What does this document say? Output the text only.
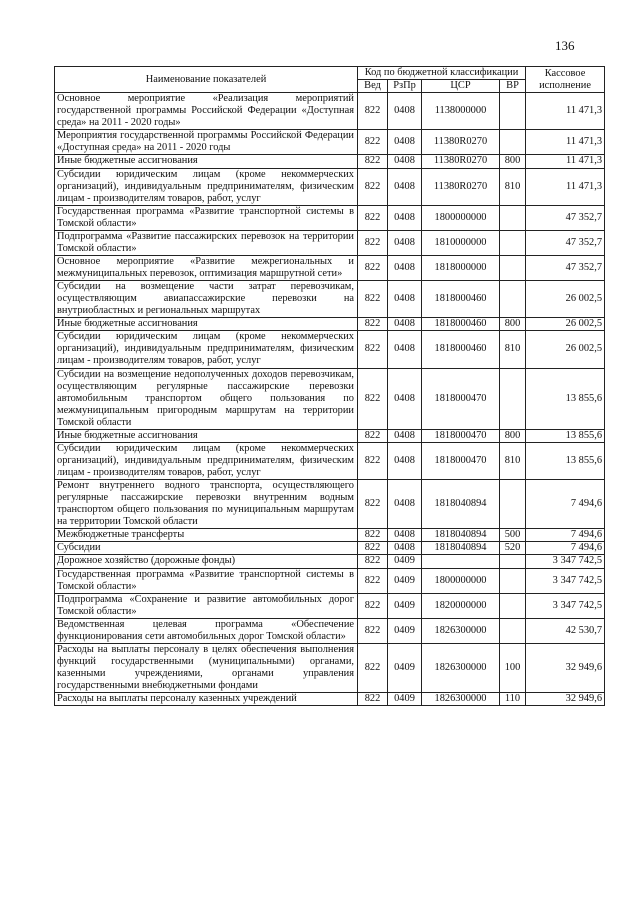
136
Наименование показателей	Код по бюджетной классификации				Кассовое исполнение
	Вед	РзПр	ЦСР	ВР	
Основное мероприятие «Реализация мероприятий государственной программы Российской Федерации «Доступная среда» на 2011 - 2020 годы»	822	0408	1138000000		11 471,3
Мероприятия государственной программы Российской Федерации «Доступная среда» на 2011 - 2020 годы	822	0408	11380R0270		11 471,3
Иные бюджетные ассигнования	822	0408	11380R0270	800	11 471,3
Субсидии юридическим лицам (кроме некоммерческих организаций), индивидуальным предпринимателям, физическим лицам - производителям товаров, работ, услуг	822	0408	11380R0270	810	11 471,3
Государственная программа «Развитие транспортной системы в Томской области»	822	0408	1800000000		47 352,7
Подпрограмма «Развитие пассажирских перевозок на территории Томской области»	822	0408	1810000000		47 352,7
Основное мероприятие «Развитие межрегиональных и межмуниципальных перевозок, оптимизация маршрутной сети»	822	0408	1818000000		47 352,7
Субсидии на возмещение части затрат перевозчикам, осуществляющим авиапассажирские перевозки на внутриобластных и региональных маршрутах	822	0408	1818000460		26 002,5
Иные бюджетные ассигнования	822	0408	1818000460	800	26 002,5
Субсидии юридическим лицам (кроме некоммерческих организаций), индивидуальным предпринимателям, физическим лицам - производителям товаров, работ, услуг	822	0408	1818000460	810	26 002,5
Субсидии на возмещение недополученных доходов перевозчикам, осуществляющим регулярные пассажирские перевозки автомобильным транспортом общего пользования по межмуниципальным пригородным маршрутам на территории Томской области	822	0408	1818000470		13 855,6
Иные бюджетные ассигнования	822	0408	1818000470	800	13 855,6
Субсидии юридическим лицам (кроме некоммерческих организаций), индивидуальным предпринимателям, физическим лицам - производителям товаров, работ, услуг	822	0408	1818000470	810	13 855,6
Ремонт внутреннего водного транспорта, осуществляющего регулярные пассажирские перевозки внутренним водным транспортом общего пользования по муниципальным маршрутам на территории Томской области	822	0408	1818040894		7 494,6
Межбюджетные трансферты	822	0408	1818040894	500	7 494,6
Субсидии	822	0408	1818040894	520	7 494,6
Дорожное хозяйство (дорожные фонды)	822	0409			3 347 742,5
Государственная программа «Развитие транспортной системы в Томской области»	822	0409	1800000000		3 347 742,5
Подпрограмма «Сохранение и развитие автомобильных дорог Томской области»	822	0409	1820000000		3 347 742,5
Ведомственная целевая программа «Обеспечение функционирования сети автомобильных дорог Томской области»	822	0409	1826300000		42 530,7
Расходы на выплаты персоналу в целях обеспечения выполнения функций государственными (муниципальными) органами, казенными учреждениями, органами управления государственными внебюджетными фондами	822	0409	1826300000	100	32 949,6
Расходы на выплаты персоналу казенных учреждений	822	0409	1826300000	110	32 949,6
